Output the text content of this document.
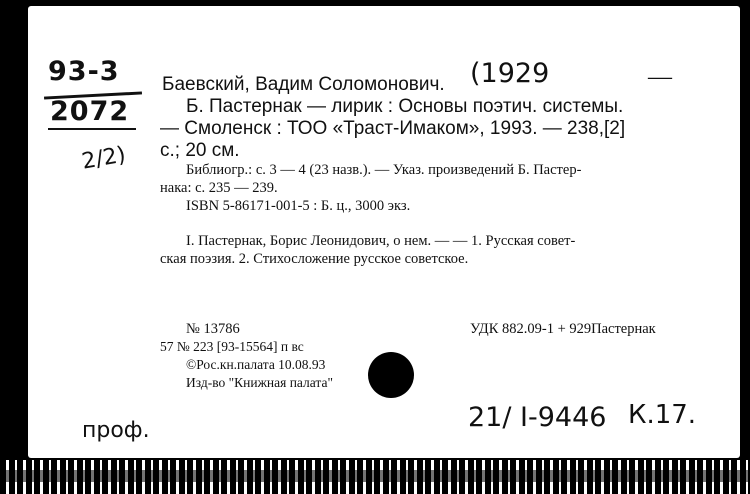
93-3
2072
Баевский, Вадим Соломонович. (1929	—
Б. Пастернак — лирик : Основы поэтич. системы.
— Смоленск : ТОО «Траст-Имаком», 1993. — 238,[2]
с.; 20 см.
2/2)	Библиогр.: с. 3 — 4 (23 назв.). — Указ. произведений Б. Пастер-
нака: с. 235 — 239.
ISBN 5-86171-001-5 : Б. ц., 3000 экз.
I. Пастернак, Борис Леонидович, о нем. — — 1. Русская совет-
ская поэзия. 2. Стихосложение русское советское.
№ 13786	УДК 882.09-1 + 929Пастернак
57 № 223 [93-15564] п вс
©Рос.кн.палата 10.08.93
Изд-во "Книжная палата"
проф.	21/ I-9446 К.17.
